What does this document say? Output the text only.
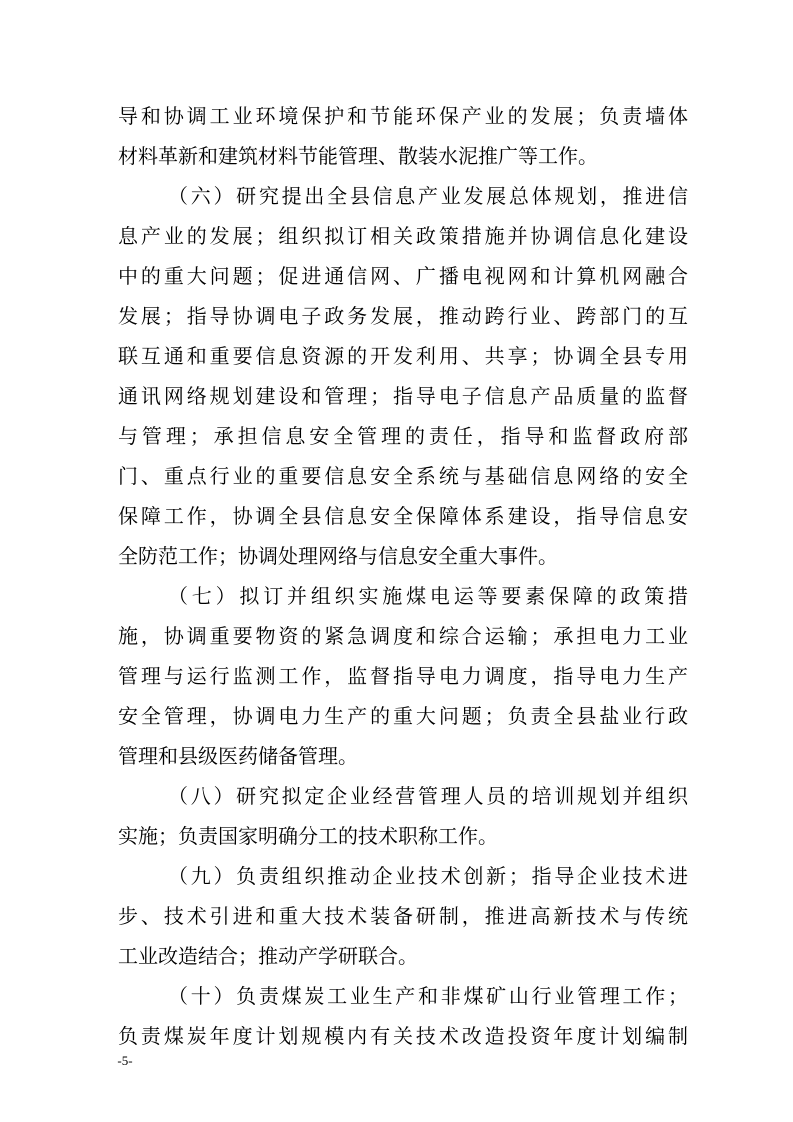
导和协调工业环境保护和节能环保产业的发展；负责墙体
材料革新和建筑材料节能管理、散装水泥推广等工作。
（六）研究提出全县信息产业发展总体规划，推进信
息产业的发展；组织拟订相关政策措施并协调信息化建设
中的重大问题；促进通信网、广播电视网和计算机网融合
发展；指导协调电子政务发展，推动跨行业、跨部门的互
联互通和重要信息资源的开发利用、共享；协调全县专用
通讯网络规划建设和管理；指导电子信息产品质量的监督
与管理；承担信息安全管理的责任，指导和监督政府部
门、重点行业的重要信息安全系统与基础信息网络的安全
保障工作，协调全县信息安全保障体系建设，指导信息安
全防范工作；协调处理网络与信息安全重大事件。
（七）拟订并组织实施煤电运等要素保障的政策措
施，协调重要物资的紧急调度和综合运输；承担电力工业
管理与运行监测工作，监督指导电力调度，指导电力生产
安全管理，协调电力生产的重大问题；负责全县盐业行政
管理和县级医药储备管理。
（八）研究拟定企业经营管理人员的培训规划并组织
实施；负责国家明确分工的技术职称工作。
（九）负责组织推动企业技术创新；指导企业技术进
步、技术引进和重大技术装备研制，推进高新技术与传统
工业改造结合；推动产学研联合。
（十）负责煤炭工业生产和非煤矿山行业管理工作；
负责煤炭年度计划规模内有关技术改造投资年度计划编制
-5-
